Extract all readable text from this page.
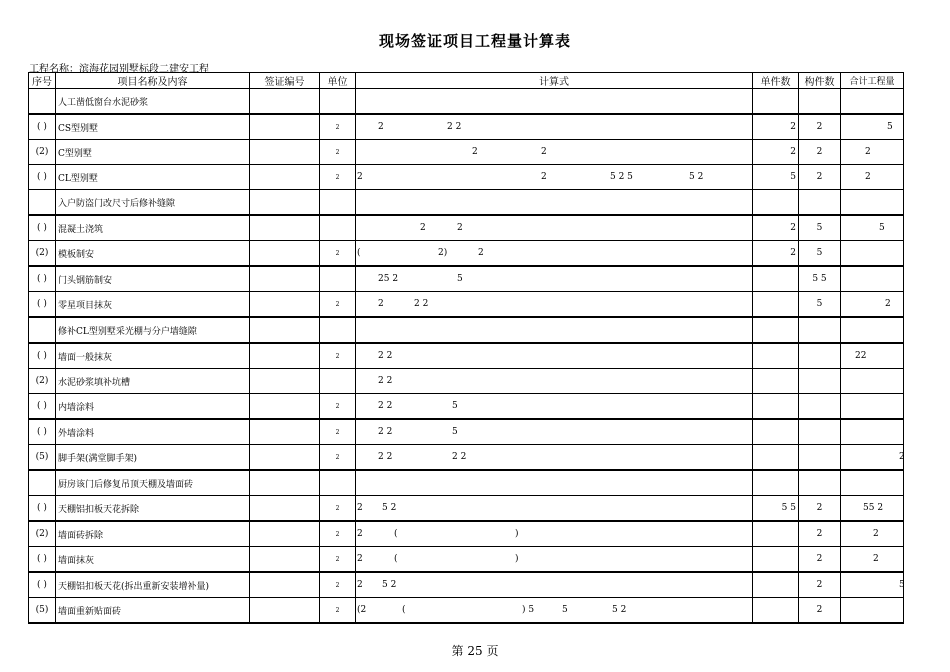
现场签证项目工程量计算表
工程名称：滨海花园别墅标段二建安工程
序号	项目名称及内容	签证编号	单位	计算式	单件数	构件数	合计工程量
	人工凿低窗台水泥砂浆						

( )	CS型别墅		2	2 2 2	2	2	5

(2)	C型别墅		2	2 2	2	2	2

( )	CL型别墅		2	2 2 5 2 5 5 2	5	2	2

	入户防盗门改尺寸后修补缝隙						

( )	混凝土浇筑			2 2	2	5	5

(2)	模板制安		2	( 2) 2	2	5	

( )	门头钢筋制安			25 2 5		5 5	

( )	零星项目抹灰		2	2 2 2		5	2

	修补CL型别墅采光棚与分户墙缝隙						

( )	墙面一般抹灰		2	2 2			22

(2)	水泥砂浆填补坑槽			2 2			

( )	内墙涂料		2	2 2 5			

( )	外墙涂料		2	2 2 5			

(5)	脚手架(满堂脚手架)		2	2 2 2 2			2

	厨房该门后修复吊顶天棚及墙面砖						

( )	天棚铝扣板天花拆除		2	2 5 2	5 5	2	55 2

(2)	墙面砖拆除		2	2 ( )		2	2

( )	墙面抹灰		2	2 ( )		2	2

( )	天棚铝扣板天花(拆出重新安装增补量)		2	2 5 2		2	5

(5)	墙面重新贴面砖		2	(2 ( ) 5 5 5 2		2	
第 25 页
